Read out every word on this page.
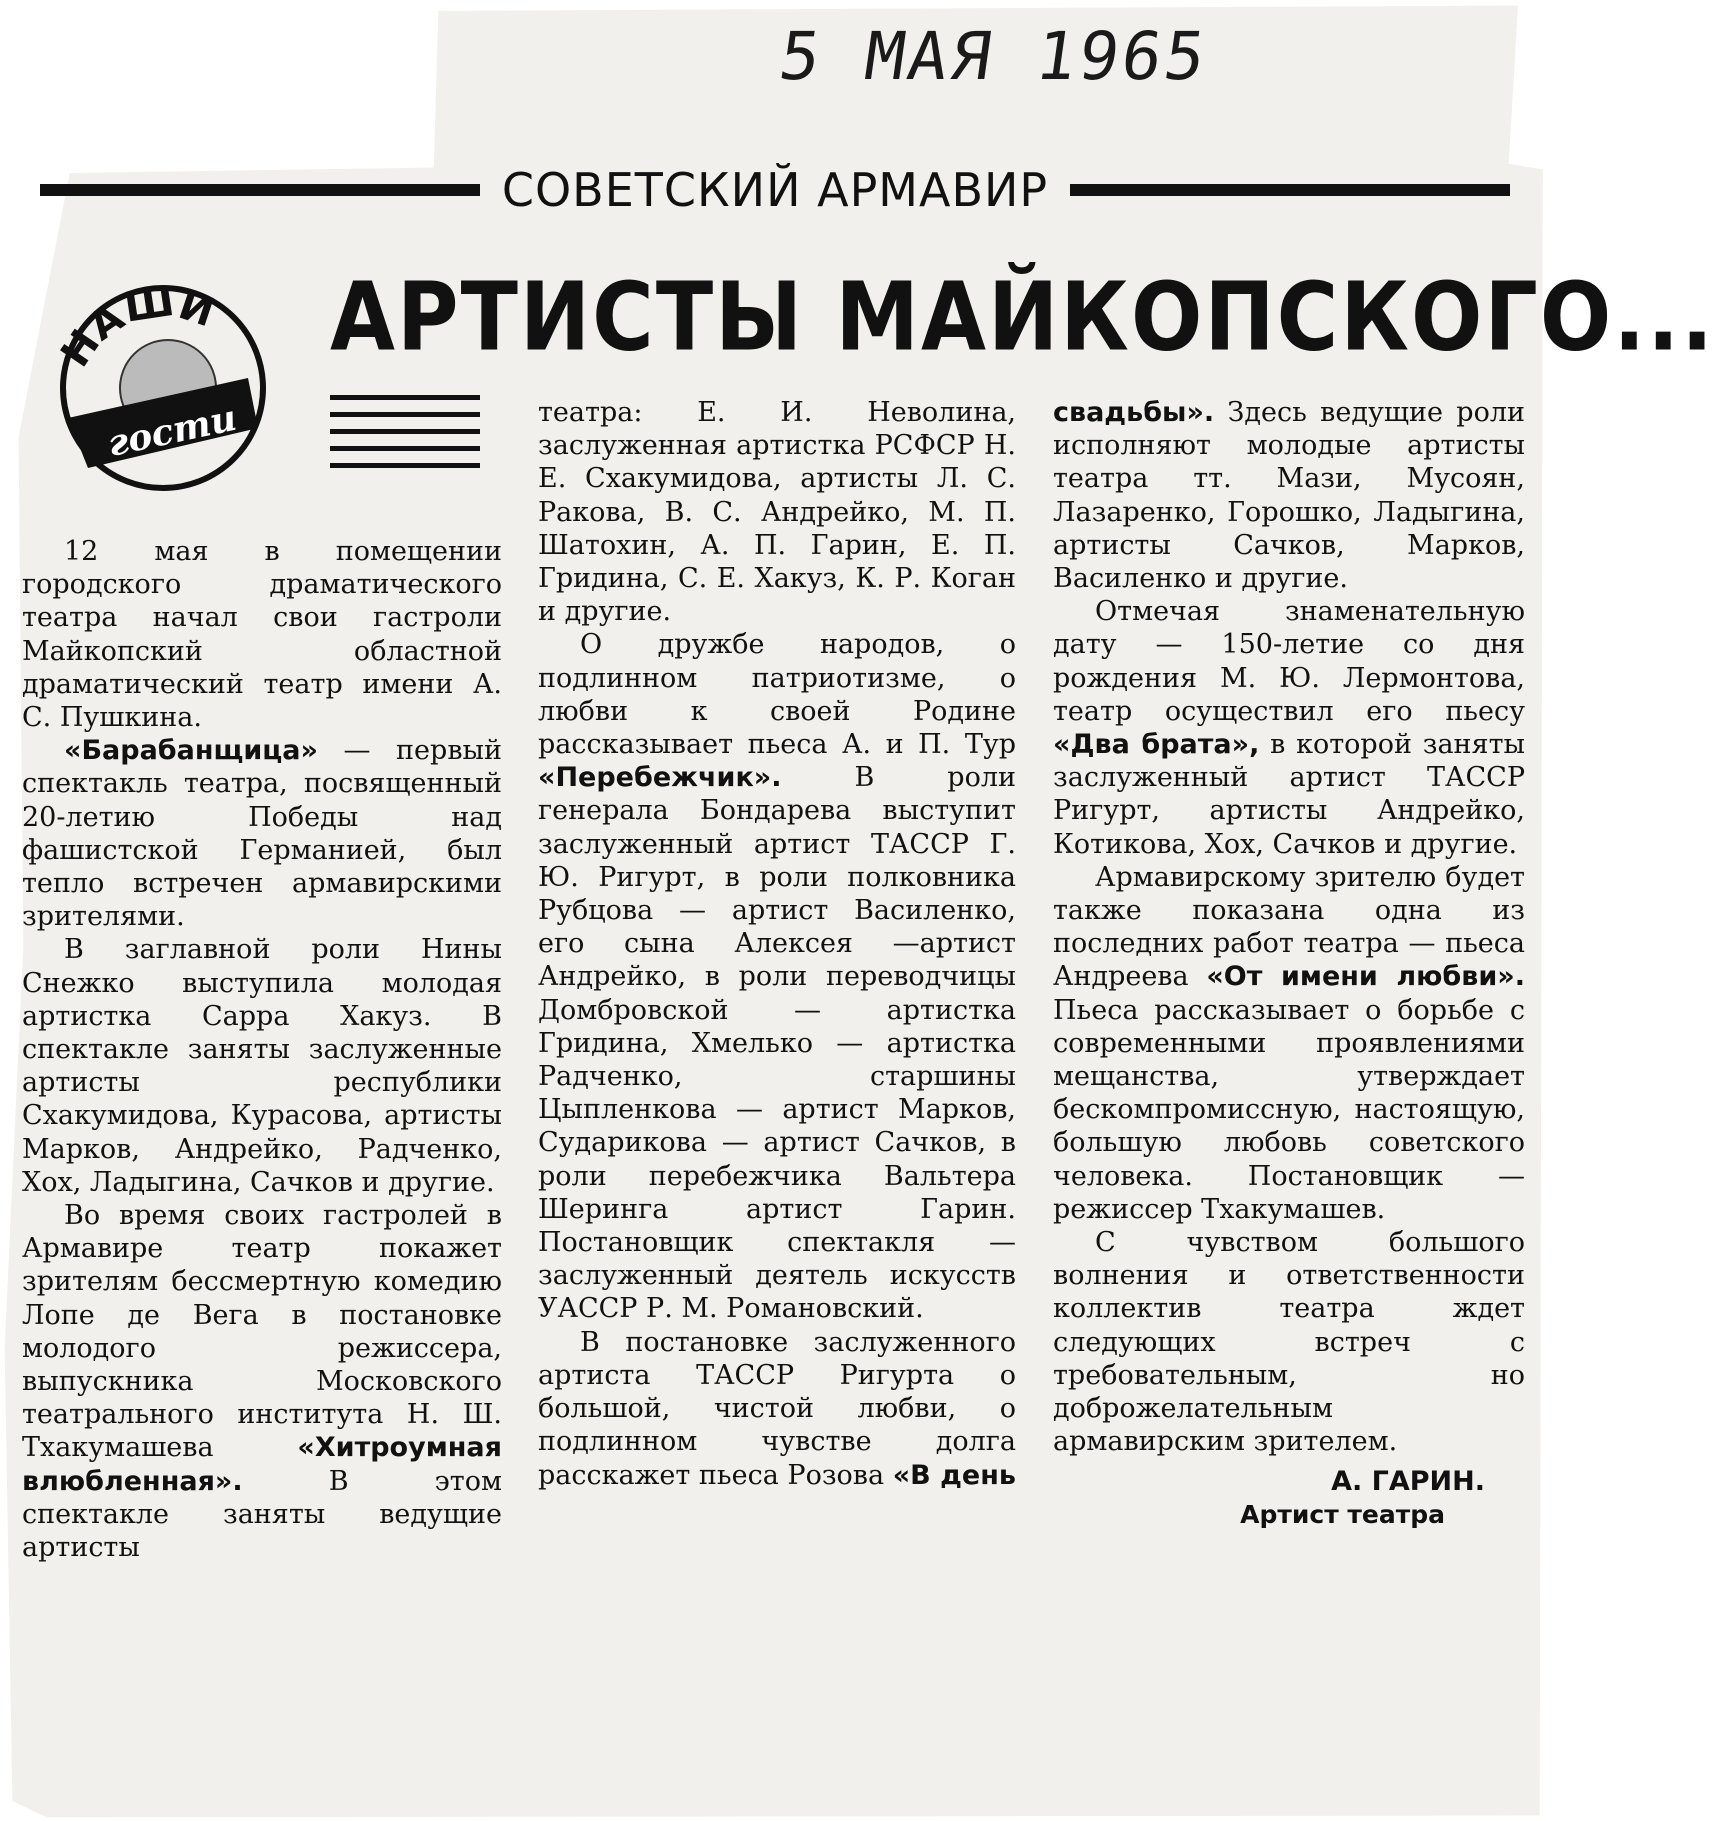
5 МАЯ 1965
СОВЕТСКИЙ АРМАВИР
НАШИ
гости
АРТИСТЫ МАЙКОПСКОГО...

12 мая в помещении городского драматического театра начал свои гастроли Майкопский областной драматический театр имени А. С. Пушкина.

«Барабанщица» — первый спектакль театра, посвященный 20-летию Победы над фашистской Германией, был тепло встречен армавирскими зрителями.

В заглавной роли Нины Снежко выступила молодая артистка Сарра Хакуз. В спектакле заняты заслуженные артисты республики Схакумидова, Курасова, артисты Марков, Андрейко, Радченко, Хох, Ладыгина, Сачков и другие.

Во время своих гастролей в Армавире театр покажет зрителям бессмертную комедию Лопе де Вега в постановке молодого режиссера, выпускника Московского театрального института Н. Ш. Тхакумашева «Хитроумная влюбленная». В этом спектакле заняты ведущие артисты

театра: Е. И. Неволина, заслуженная артистка РСФСР Н. Е. Схакумидова, артисты Л. С. Ракова, В. С. Андрейко, М. П. Шатохин, А. П. Гарин, Е. П. Гридина, С. Е. Хакуз, К. Р. Коган и другие.

О дружбе народов, о подлинном патриотизме, о любви к своей Родине рассказывает пьеса А. и П. Тур «Перебежчик». В роли генерала Бондарева выступит заслуженный артист ТАССР Г. Ю. Ригурт, в роли полковника Рубцова — артист Василенко, его сына Алексея —артист Андрейко, в роли переводчицы Домбровской — артистка Гридина, Хмелько — артистка Радченко, старшины Цыпленкова — артист Марков, Сударикова — артист Сачков, в роли перебежчика Вальтера Шеринга артист Гарин. Постановщик спектакля — заслуженный деятель искусств УАССР Р. М. Романовский.

В постановке заслуженного артиста ТАССР Ригурта о большой, чистой любви, о подлинном чувстве долга расскажет пьеса Розова «В день

свадьбы». Здесь ведущие роли исполняют молодые артисты театра тт. Мази, Мусоян, Лазаренко, Горошко, Ладыгина, артисты Сачков, Марков, Василенко и другие.

Отмечая знаменательную дату — 150-летие со дня рождения М. Ю. Лермонтова, театр осуществил его пьесу «Два брата», в которой заняты заслуженный артист ТАССР Ригурт, артисты Андрейко, Котикова, Хох, Сачков и другие.

Армавирскому зрителю будет также показана одна из последних работ театра — пьеса Андреева «От имени любви». Пьеса рассказывает о борьбе с современными проявлениями мещанства, утверждает бескомпромиссную, настоящую, большую любовь советского человека. Постановщик — режиссер Тхакумашев.

С чувством большого волнения и ответственности коллектив театра ждет следующих встреч с требовательным, но доброжелательным армавирским зрителем.

А. ГАРИН.
Артист театра
